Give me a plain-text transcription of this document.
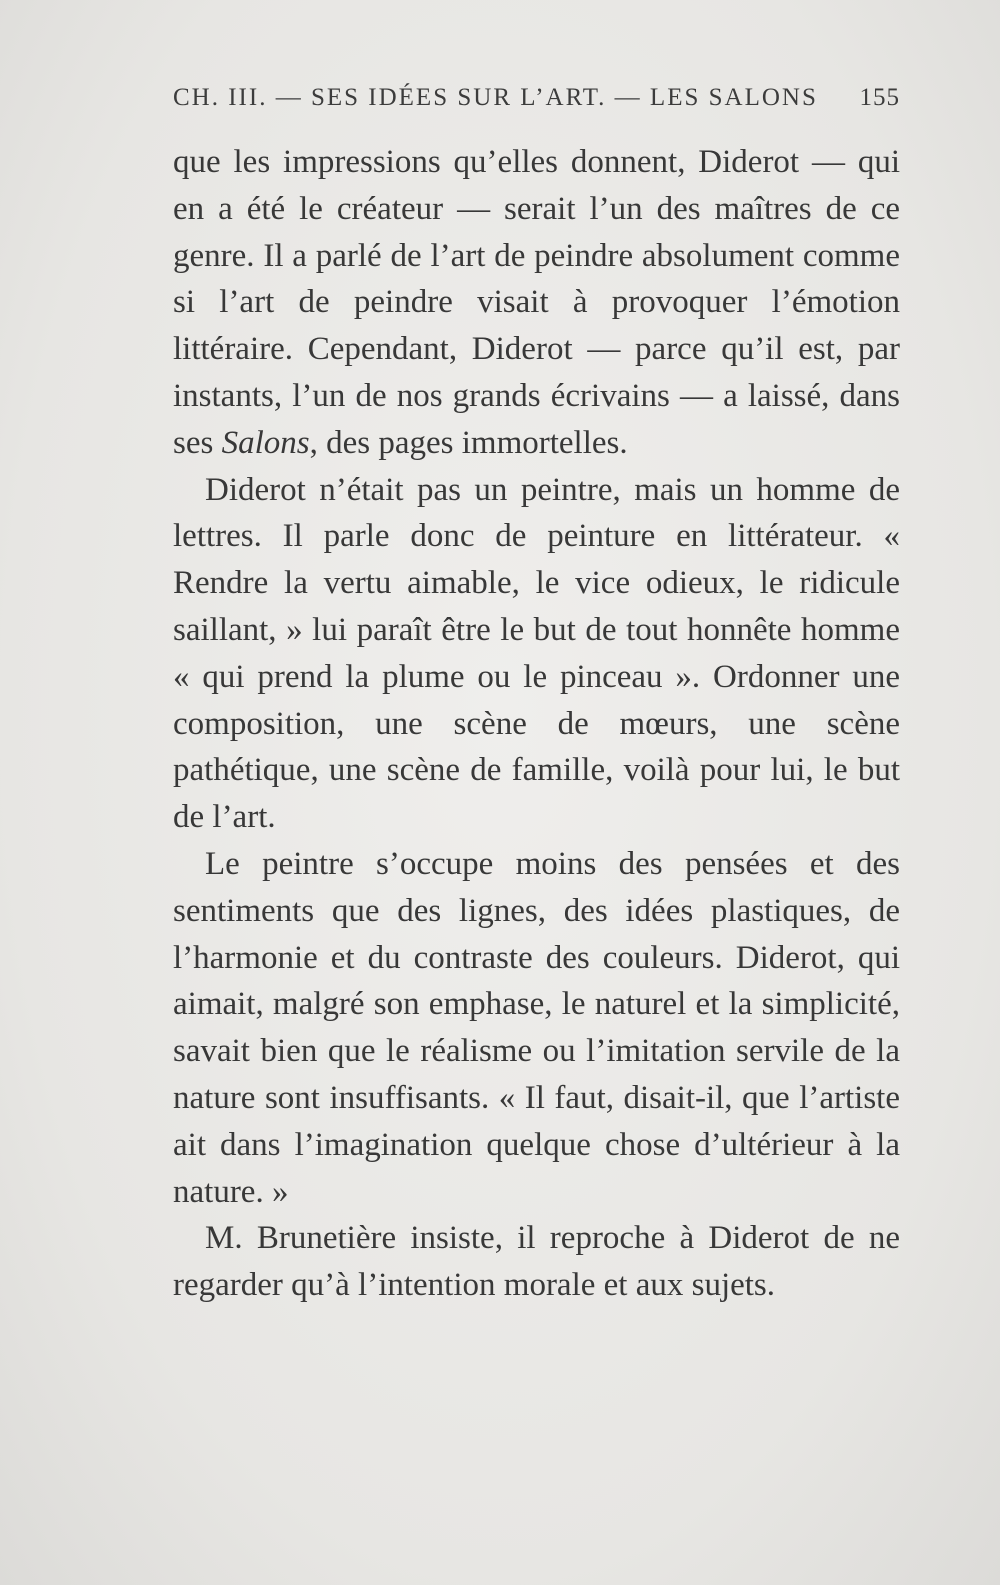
CH. III. — SES IDÉES SUR L’ART. — LES SALONS 155

que les impressions qu’elles donnent, Diderot — qui en a été le créateur — serait l’un des maîtres de ce genre. Il a parlé de l’art de peindre absolument comme si l’art de peindre visait à provoquer l’émotion littéraire. Cependant, Diderot — parce qu’il est, par instants, l’un de nos grands écrivains — a laissé, dans ses Salons, des pages immortelles.

Diderot n’était pas un peintre, mais un homme de lettres. Il parle donc de peinture en littérateur. « Rendre la vertu aimable, le vice odieux, le ridicule saillant, » lui paraît être le but de tout honnête homme « qui prend la plume ou le pinceau ». Ordonner une composition, une scène de mœurs, une scène pathétique, une scène de famille, voilà pour lui, le but de l’art.

Le peintre s’occupe moins des pensées et des sentiments que des lignes, des idées plastiques, de l’harmonie et du contraste des couleurs. Diderot, qui aimait, malgré son emphase, le naturel et la simplicité, savait bien que le réalisme ou l’imitation servile de la nature sont insuffisants. « Il faut, disait-il, que l’artiste ait dans l’imagination quelque chose d’ultérieur à la nature. »

M. Brunetière insiste, il reproche à Diderot de ne regarder qu’à l’intention morale et aux sujets.
